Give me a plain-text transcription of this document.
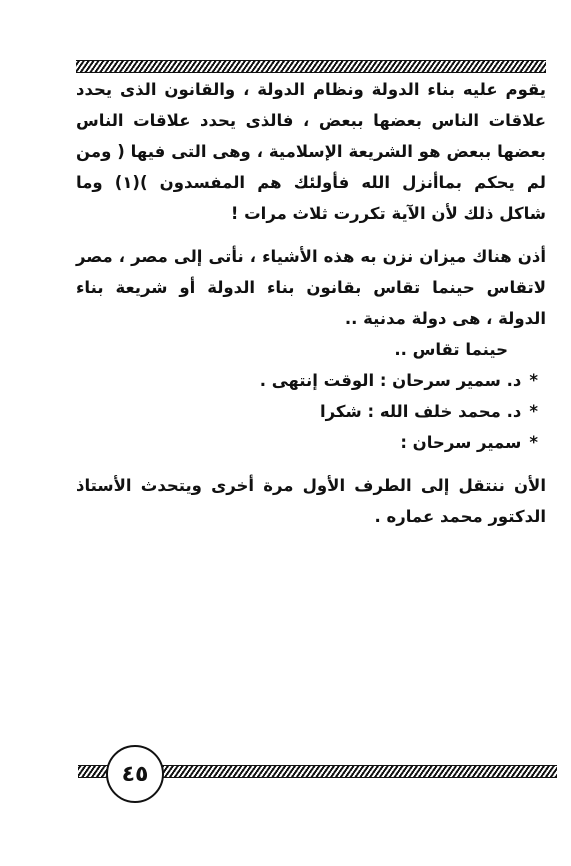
يقوم عليه بناء الدولة ونظام الدولة ، والقانون الذى يحدد علاقات الناس بعضها ببعض ، فالذى يحدد علاقات الناس بعضها ببعض هو الشريعة الإسلامية ، وهى التى فيها ( ومن لم يحكم بماأنزل الله فأولئك هم المفسدون )(١) وما شاكل ذلك لأن الآية تكررت ثلاث مرات !

أذن هناك ميزان نزن به هذه الأشياء ، نأتى إلى مصر ، مصر لاتقاس حينما تقاس بقانون بناء الدولة أو شريعة بناء الدولة ، هى دولة مدنية ..

حينما تقاس ..

*د. سمير سرحان : الوقت إنتهى .

*د. محمد خلف الله : شكرا

*سمير سرحان :

الأن ننتقل إلى الطرف الأول مرة أخرى ويتحدث الأستاذ الدكتور محمد عماره .

٤٥
